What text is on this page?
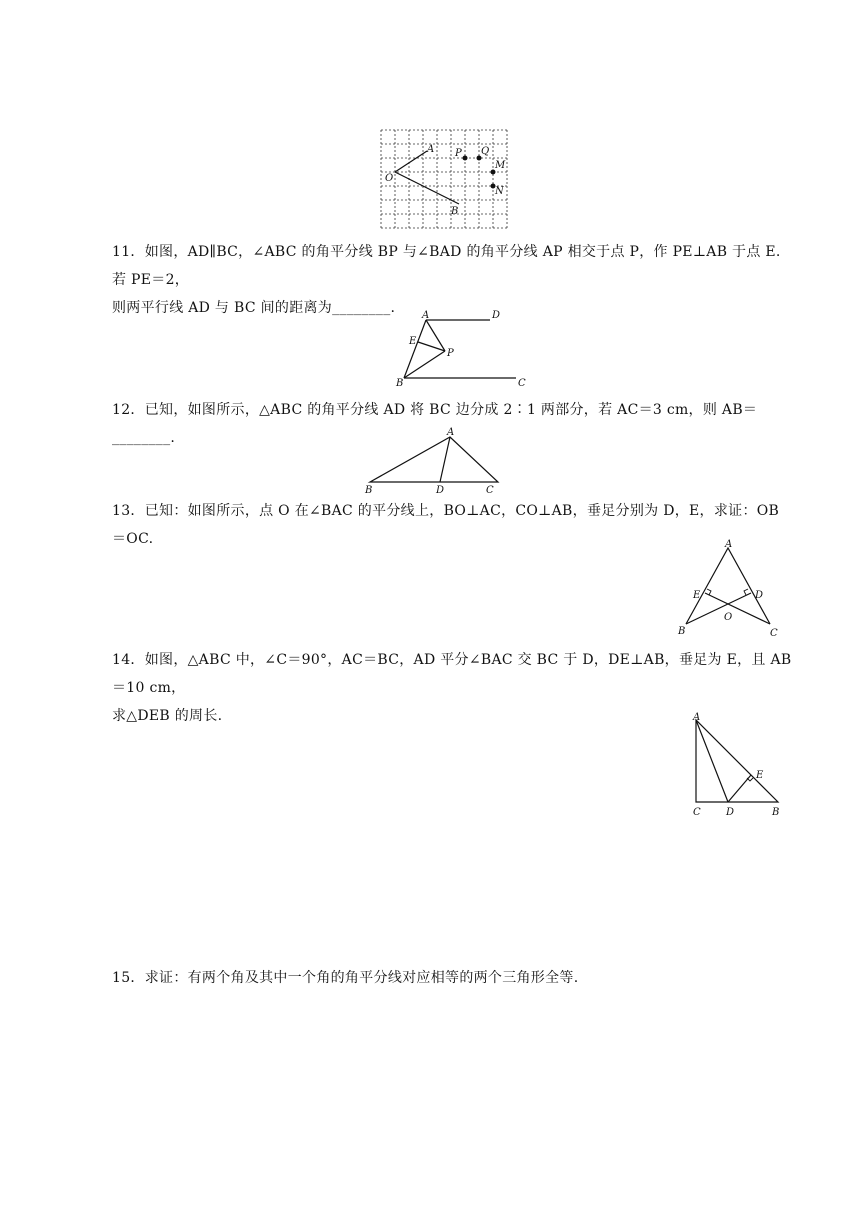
A P Q
O
M
N
B

11．如图，AD∥BC，∠ABC 的角平分线 BP 与∠BAD 的角平分线 AP 相交于点 P，作 PE⊥AB 于点 E.若 PE＝2，
则两平行线 AD 与 BC 间的距离为________.	A	D
E
P
B	C

12．已知，如图所示，△ABC 的角平分线 AD 将 BC 边分成 2∶1 两部分，若 AC＝3 cm，则 AB＝________.	A
B	D	C

13．已知：如图所示，点 O 在∠BAC 的平分线上，BO⊥AC，CO⊥AB，垂足分别为 D，E，求证：OB＝OC.	A
E	D
O
B	C

14．如图，△ABC 中，∠C＝90°，AC＝BC，AD 平分∠BAC 交 BC 于 D，DE⊥AB，垂足为 E，且 AB＝10 cm，
求△DEB 的周长.	A
E
C	D	B

15．求证：有两个角及其中一个角的角平分线对应相等的两个三角形全等.
